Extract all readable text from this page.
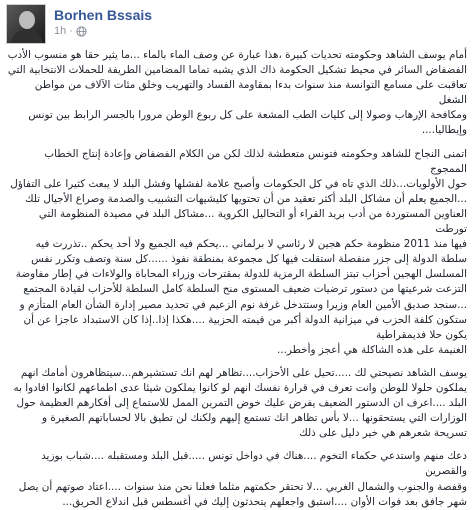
Borhen Bssais
1h ·

أمام يوسف الشاهد وحكومته تحديات كبيرة ،هذا عبارة عن وصف الماء بالماء ...ما يثير حقا هو منسوب الأدب
الفضفاض السائر في محيط تشكيل الحكومة ذاك الذي يشبه تماما المضامين الطريفة للحملات الانتخابية التي
تعاقبت على مسامع التوانسة منذ سنوات بدءا بمقاومة الفساد والتهريب وخلق مئات الآلاف من مواطن الشغل
ومكافحة الإرهاب وصولا إلى كليات الطب المشعة على كل ربوع الوطن مرورا بالجسر الرابط بين تونس
وإيطاليا....

اتمنى النجاح للشاهد وحكومته فتونس متعطشة لذلك لكن من الكلام الفضفاض وإعادة إنتاج الخطاب الممجوج
حول الأولويات...ذلك الذي تاه في كل الحكومات وأصبح علامة لفشلها وفشل البلد لا يبعث كثيرا على التفاؤل
...الجميع يعلم أن مشاكل البلد أكثر تعقيد من أن تحتويها كليشيهات التشبيب والصدمة وصراع الأجيال تلك
العناوين المستوردة من أدب بريد القراء أو التحاليل الكروية ...مشاكل البلد في مصيدة المنظومة التي تورطت
فيها منذ 2011 منظومة حكم هجين لا رئاسي لا برلماني ...يحكم فيه الجميع ولا أحد يحكم ..تذررت فيه
سلطة الدولة إلى جزر منفصلة استقلت فيها كل مجموعة بمنطقة نفوذ ......كل سنة وتصف وتكرر نفس
المسلسل الهجين أحزاب تبتز السلطة الرمزية للدولة بمقترحات وزراء المحاباة والولاءات في إطار مفاوضة
التزعت شرعيتها من دستور ترضيات ضعيف المستوى منح السلطة كامل السلطة للأحزاب لقيادة المجتمع
...سنجد صديق الأمين العام وزيرا وستتدخل غرفة نوم الزعيم في تحديد مصير إدارة الشأن العام المتأزم و
ستكون كلفة الحزب في ميزانية الدولة أكبر من قيمته الحزبية ....هكذا إذا..إذا كان الاستبداد عاجزا عن أن يكون حلا فديمقراطية
الغنيمة على هذه الشاكلة هي أعجز وأخطر...

يوسف الشاهد نصيحتي لك .....تحيل على الأحزاب....تظاهر لهم انك تستشيرهم...سيتظاهرون أمامك انهم
يملكون حلولا للوطن وانت تعرف في قرارة نفسك انهم لو كانوا يملكون شيئا عدى اطماعهم لكانوا افادوا به
البلد ....اعرف ان الدستور الضعيف يفرض عليك خوض التمرين الممل للاستماع إلى أفكارهم العظيمة حول
الوزارات التي يستحقونها ...لا بأس تظاهر انك تستمع إليهم ولكنك لن تطيق بالا لحساباتهم الصغيرة و
تسريحة شعرهم هي خير دليل على ذلك

دعك منهم واستدعي حكماء التخوم ....هناك في دواخل تونس .....قبل البلد ومستقبله ....شباب بوزيد والقصرين
وقفصة والجنوب والشمال الغربي ...لا تحتقر حكمتهم مثلما فعلنا نحن منذ سنوات ....اعتاد صوتهم أن يصل
شهر جافق بعد فوات الأوان ....استبق واجعلهم يتحدثون إليك في أغسطس قبل اندلاع الحريق...
